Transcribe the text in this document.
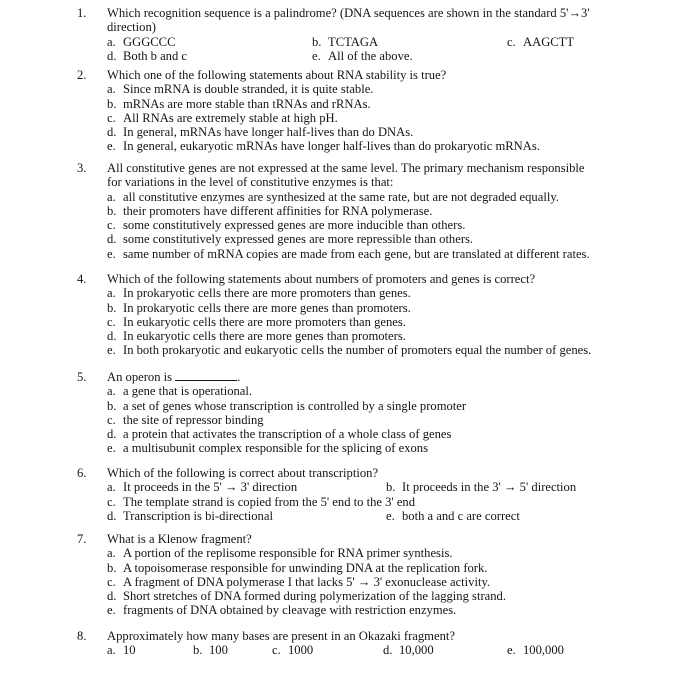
1. Which recognition sequence is a palindrome? (DNA sequences are shown in the standard 5'→3'
direction)
a. GGGCCC	b. TCTAGA	c. AAGCTT
d. Both b and c	e. All of the above.
2. Which one of the following statements about RNA stability is true?
a. Since mRNA is double stranded, it is quite stable.
b. mRNAs are more stable than tRNAs and rRNAs.
c. All RNAs are extremely stable at high pH.
d. In general, mRNAs have longer half-lives than do DNAs.
e. In general, eukaryotic mRNAs have longer half-lives than do prokaryotic mRNAs.
3. All constitutive genes are not expressed at the same level. The primary mechanism responsible
for variations in the level of constitutive enzymes is that:
a. all constitutive enzymes are synthesized at the same rate, but are not degraded equally.
b. their promoters have different affinities for RNA polymerase.
c. some constitutively expressed genes are more inducible than others.
d. some constitutively expressed genes are more repressible than others.
e. same number of mRNA copies are made from each gene, but are translated at different rates.
4. Which of the following statements about numbers of promoters and genes is correct?
a. In prokaryotic cells there are more promoters than genes.
b. In prokaryotic cells there are more genes than promoters.
c. In eukaryotic cells there are more promoters than genes.
d. In eukaryotic cells there are more genes than promoters.
e. In both prokaryotic and eukaryotic cells the number of promoters equal the number of genes.
5. An operon is	.
a. a gene that is operational.
b. a set of genes whose transcription is controlled by a single promoter
c. the site of repressor binding
d. a protein that activates the transcription of a whole class of genes
e. a multisubunit complex responsible for the splicing of exons
6. Which of the following is correct about transcription?
a. It proceeds in the 5' → 3' direction	b. It proceeds in the 3' → 5' direction
c. The template strand is copied from the 5' end to the 3' end
d. Transcription is bi-directional	e. both a and c are correct
7. What is a Klenow fragment?
a. A portion of the replisome responsible for RNA primer synthesis.
b. A topoisomerase responsible for unwinding DNA at the replication fork.
c. A fragment of DNA polymerase I that lacks 5' → 3' exonuclease activity.
d. Short stretches of DNA formed during polymerization of the lagging strand.
e. fragments of DNA obtained by cleavage with restriction enzymes.
8. Approximately how many bases are present in an Okazaki fragment?
a. 10	b. 100	c. 1000	d. 10,000	e. 100,000
